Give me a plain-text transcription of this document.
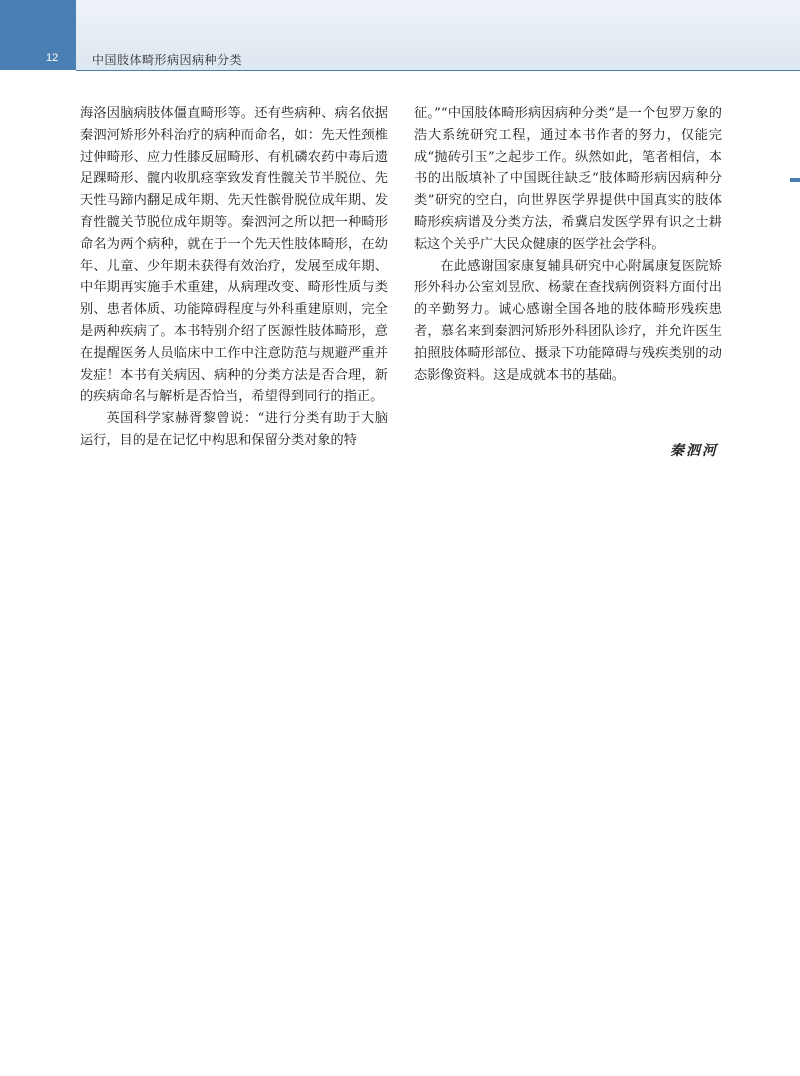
12	中国肢体畸形病因病种分类

海洛因脑病肢体僵直畸形等。还有些病种、病名依据秦泗河矫形外科治疗的病种而命名，如：先天性颈椎过伸畸形、应力性膝反屈畸形、有机磷农药中毒后遗足踝畸形、髋内收肌痉挛致发育性髋关节半脱位、先天性马蹄内翻足成年期、先天性髌骨脱位成年期、发育性髋关节脱位成年期等。秦泗河之所以把一种畸形命名为两个病种，就在于一个先天性肢体畸形，在幼年、儿童、少年期未获得有效治疗，发展至成年期、中年期再实施手术重建，从病理改变、畸形性质与类别、患者体质、功能障碍程度与外科重建原则，完全是两种疾病了。本书特别介绍了医源性肢体畸形，意在提醒医务人员临床中工作中注意防范与规避严重并发症！本书有关病因、病种的分类方法是否合理，新的疾病命名与解析是否恰当，希望得到同行的指正。

英国科学家赫胥黎曾说：“进行分类有助于大脑运行，目的是在记忆中构思和保留分类对象的特

征。”“中国肢体畸形病因病种分类”是一个包罗万象的浩大系统研究工程，通过本书作者的努力，仅能完成“抛砖引玉”之起步工作。纵然如此，笔者相信，本书的出版填补了中国既往缺乏“肢体畸形病因病种分类”研究的空白，向世界医学界提供中国真实的肢体畸形疾病谱及分类方法，希冀启发医学界有识之士耕耘这个关乎广大民众健康的医学社会学科。

在此感谢国家康复辅具研究中心附属康复医院矫形外科办公室刘昱欣、杨蒙在查找病例资料方面付出的辛勤努力。诚心感谢全国各地的肢体畸形残疾患者，慕名来到秦泗河矫形外科团队诊疗，并允许医生拍照肢体畸形部位、摄录下功能障碍与残疾类别的动态影像资料。这是成就本书的基础。

秦泗河
